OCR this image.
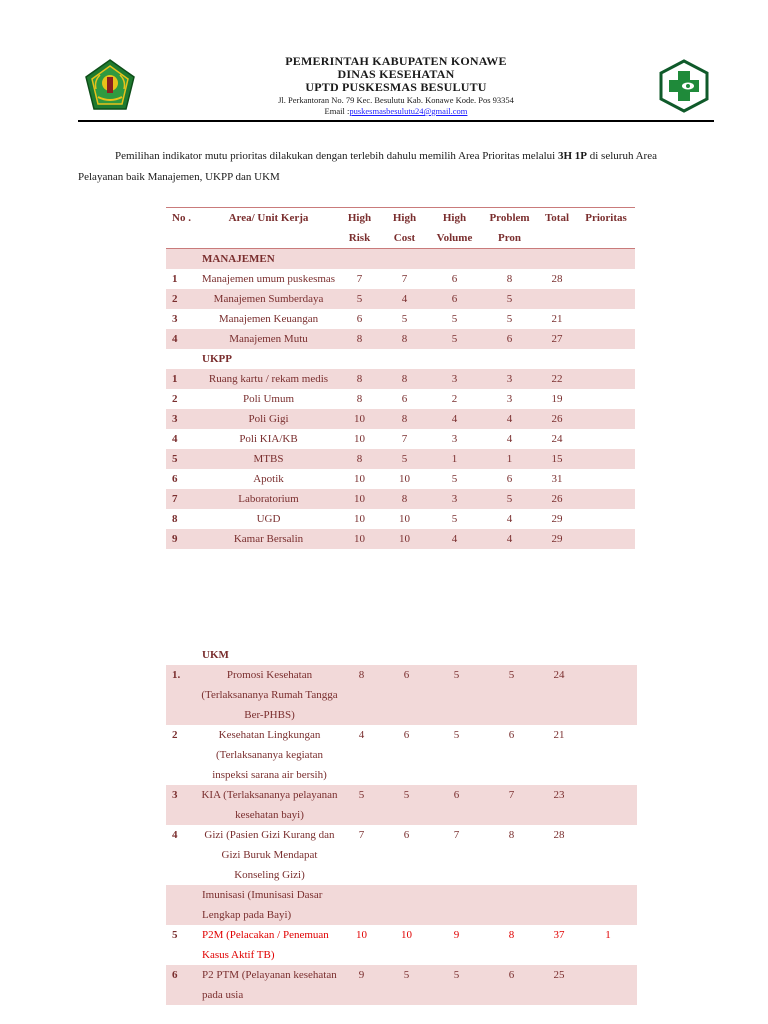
PEMERINTAH KABUPATEN KONAWE
DINAS KESEHATAN
UPTD PUSKESMAS BESULUTU
Jl. Perkantoran No. 79 Kec. Besulutu Kab. Konawe Kode. Pos 93354
Email :puskesmasbesulutu24@gmail.com
Pemilihan indikator mutu prioritas dilakukan dengan terlebih dahulu memilih Area Prioritas melalui 3H 1P di seluruh Area
Pelayanan baik Manajemen, UKPP dan UKM
No .	Area/ Unit Kerja	High Risk	High Cost	High Volume	Problem Pron	Total	Prioritas
	MANAJEMEN						
1	Manajemen umum puskesmas	7	7	6	8	28	
2	Manajemen Sumberdaya	5	4	6	5		
3	Manajemen Keuangan	6	5	5	5	21	
4	Manajemen Mutu	8	8	5	6	27	
	UKPP						
1	Ruang kartu / rekam medis	8	8	3	3	22	
2	Poli Umum	8	6	2	3	19	
3	Poli Gigi	10	8	4	4	26	
4	Poli KIA/KB	10	7	3	4	24	
5	MTBS	8	5	1	1	15	
6	Apotik	10	10	5	6	31	
7	Laboratorium	10	8	3	5	26	
8	UGD	10	10	5	4	29	
9	Kamar Bersalin	10	10	4	4	29	

	UKM						
1.	Promosi Kesehatan (Terlaksananya Rumah Tangga Ber-PHBS)	8	6	5	5	24	
2	Kesehatan Lingkungan (Terlaksananya kegiatan inspeksi sarana air bersih)	4	6	5	6	21	
3	KIA (Terlaksananya pelayanan kesehatan bayi)	5	5	6	7	23	
4	Gizi (Pasien Gizi Kurang dan Gizi Buruk Mendapat Konseling Gizi)	7	6	7	8	28	
	Imunisasi (Imunisasi Dasar Lengkap pada Bayi)						
5	P2M (Pelacakan / Penemuan Kasus Aktif TB)	10	10	9	8	37	1
6	P2 PTM (Pelayanan kesehatan pada usia	9	5	5	6	25	
